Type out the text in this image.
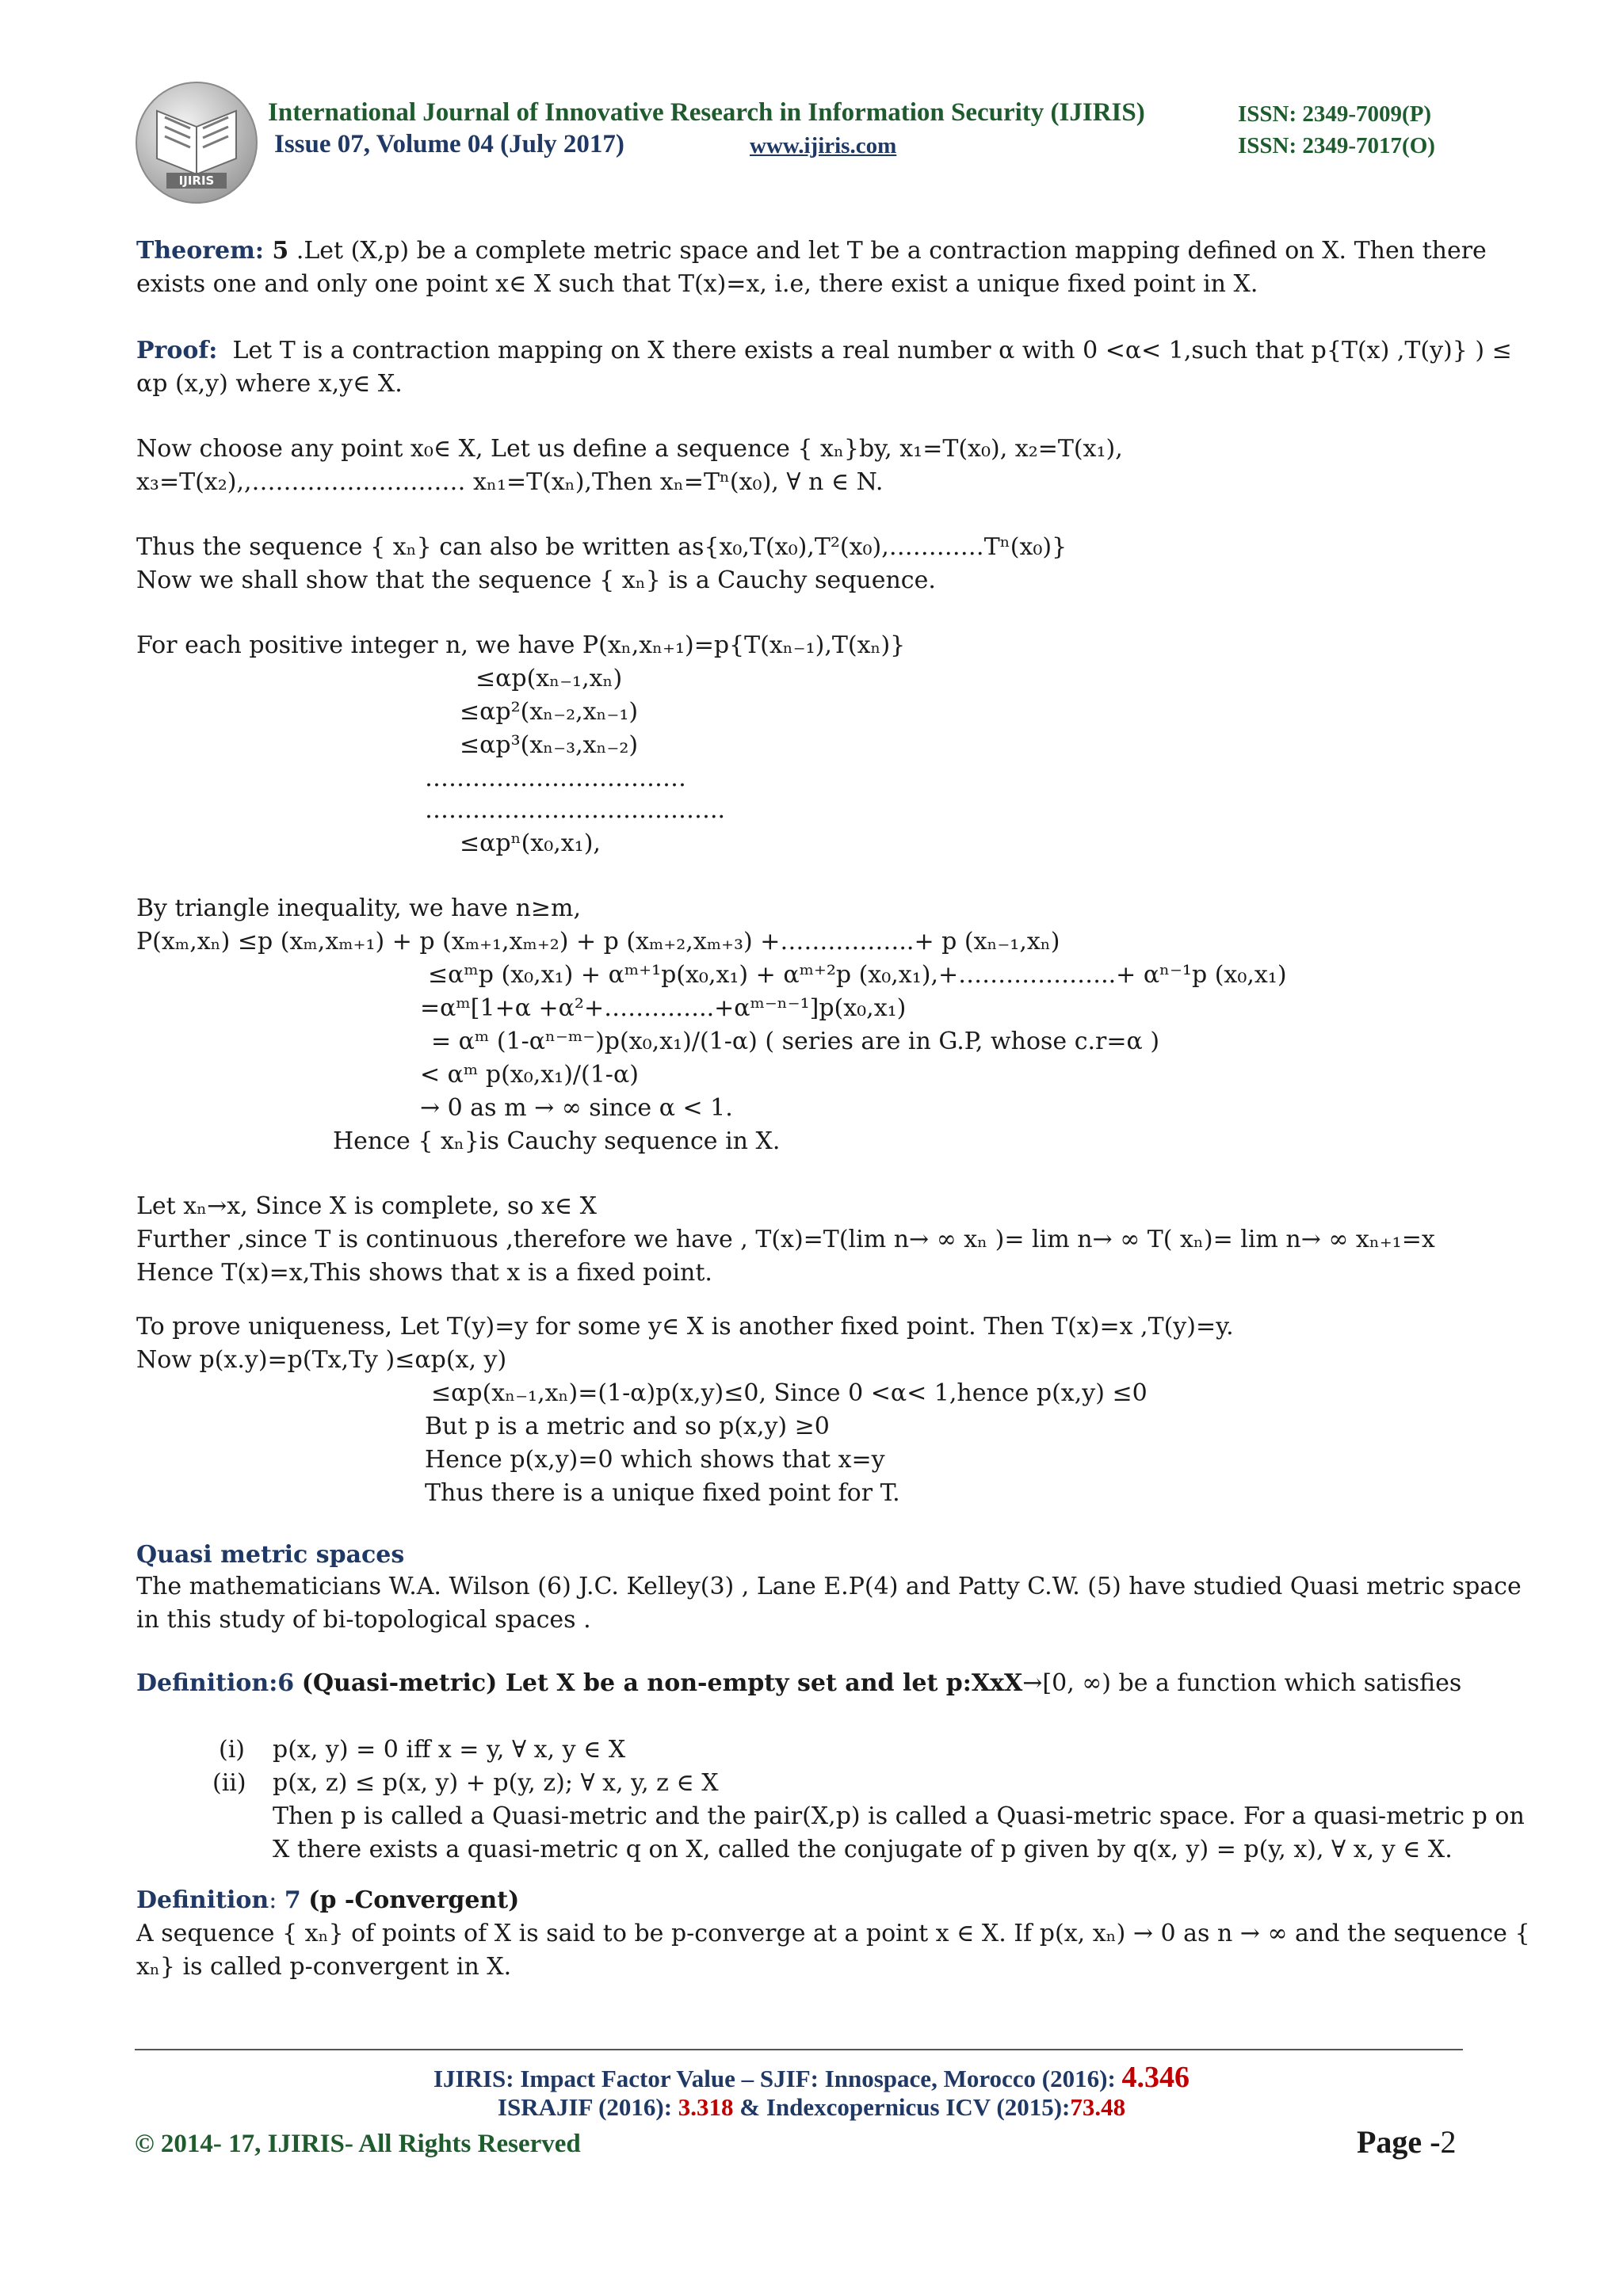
IJIRIS
International Journal of Innovative Research in Information Security (IJIRIS)	ISSN: 2349-7009(P)
Issue 07, Volume 04 (July 2017)	www.ijiris.com	ISSN: 2349-7017(O)
Theorem: 5 .Let (X,p) be a complete metric space and let T be a contraction mapping defined on X. Then there
exists one and only one point x∈ X such that T(x)=x, i.e, there exist a unique fixed point in X.
Proof: Let T is a contraction mapping on X there exists a real number α with 0 <α< 1,such that p{T(x) ,T(y)} ) ≤
αp (x,y) where x,y∈ X.
Now choose any point x₀∈ X, Let us define a sequence { xₙ}by, x₁=T(x₀), x₂=T(x₁),
x₃=T(x₂),,……………………… xₙ₁=T(xₙ),Then xₙ=Tⁿ(x₀), ∀ n ∈ N.
Thus the sequence { xₙ} can also be written as{x₀,T(x₀),T²(x₀),…………Tⁿ(x₀)}
Now we shall show that the sequence { xₙ} is a Cauchy sequence.
For each positive integer n, we have P(xₙ,xₙ₊₁)=p{T(xₙ₋₁),T(xₙ)}
≤αp(xₙ₋₁,xₙ)
≤αp²(xₙ₋₂,xₙ₋₁)
≤αp³(xₙ₋₃,xₙ₋₂)
……………………………
………………………………..
≤αpⁿ(x₀,x₁),
By triangle inequality, we have n≥m,
P(xₘ,xₙ) ≤p (xₘ,xₘ₊₁) + p (xₘ₊₁,xₘ₊₂) + p (xₘ₊₂,xₘ₊₃) +……………..+ p (xₙ₋₁,xₙ)
≤αᵐp (x₀,x₁) + αᵐ⁺¹p(x₀,x₁) + αᵐ⁺²p (x₀,x₁),+………………..+ αⁿ⁻¹p (x₀,x₁)
=αᵐ[1+α +α²+…………..+αᵐ⁻ⁿ⁻¹]p(x₀,x₁)
= αᵐ (1-αⁿ⁻ᵐ⁻)p(x₀,x₁)/(1-α) ( series are in G.P, whose c.r=α )
< αᵐ p(x₀,x₁)/(1-α)
→ 0 as m → ∞ since α < 1.
Hence { xₙ}is Cauchy sequence in X.
Let xₙ→x, Since X is complete, so x∈ X
Further ,since T is continuous ,therefore we have , T(x)=T(lim n→ ∞ xₙ )= lim n→ ∞ T( xₙ)= lim n→ ∞ xₙ₊₁=x
Hence T(x)=x,This shows that x is a fixed point.
To prove uniqueness, Let T(y)=y for some y∈ X is another fixed point. Then T(x)=x ,T(y)=y.
Now p(x.y)=p(Tx,Ty )≤αp(x, y)
≤αp(xₙ₋₁,xₙ)=(1-α)p(x,y)≤0, Since 0 <α< 1,hence p(x,y) ≤0
But p is a metric and so p(x,y) ≥0
Hence p(x,y)=0 which shows that x=y
Thus there is a unique fixed point for T.
Quasi metric spaces
The mathematicians W.A. Wilson (6) J.C. Kelley(3) , Lane E.P(4) and Patty C.W. (5) have studied Quasi metric space
in this study of bi-topological spaces .
Definition:6 (Quasi-metric) Let X be a non-empty set and let p:XxX→[0, ∞) be a function which satisfies
(i) p(x, y) = 0 iff x = y, ∀ x, y ∈ X
(ii) p(x, z) ≤ p(x, y) + p(y, z); ∀ x, y, z ∈ X
Then p is called a Quasi-metric and the pair(X,p) is called a Quasi-metric space. For a quasi-metric p on
X there exists a quasi-metric q on X, called the conjugate of p given by q(x, y) = p(y, x), ∀ x, y ∈ X.
Definition: 7 (p -Convergent)
A sequence { xₙ} of points of X is said to be p-converge at a point x ∈ X. If p(x, xₙ) → 0 as n → ∞ and the sequence {
xₙ} is called p-convergent in X.
IJIRIS: Impact Factor Value – SJIF: Innospace, Morocco (2016): 4.346
ISRAJIF (2016): 3.318 & Indexcopernicus ICV (2015):73.48
© 2014- 17, IJIRIS- All Rights Reserved	Page -2
